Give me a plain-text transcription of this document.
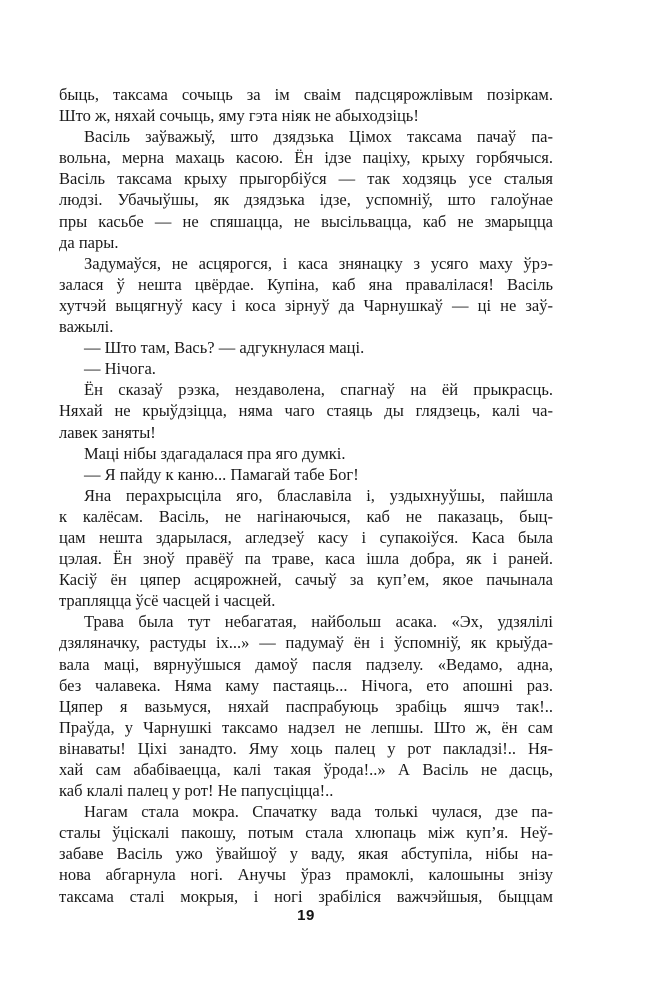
быць, таксама сочыць за ім сваім падсцярожлівым позіркам.
Што ж, няхай сочыць, яму гэта ніяк не абыходзіць!
Васіль заўважыў, што дзядзька Цімох таксама пачаў па-
вольна, мерна махаць касою. Ён ідзе паціху, крыху горбячыся.
Васіль таксама крыху прыгорбіўся — так ходзяць усе сталыя
людзі. Убачыўшы, як дзядзька ідзе, успомніў, што галоўнае
пры касьбе — не спяшацца, не высільвацца, каб не змарыцца
да пары.
Задумаўся, не асцярогся, і каса знянацку з усяго маху ўрэ-
залася ў нешта цвёрдае. Купіна, каб яна правалілася! Васіль
хутчэй выцягнуў касу і коса зірнуў да Чарнушкаў — ці не заў-
важылі.
— Што там, Вась? — адгукнулася маці.
— Нічога.
Ён сказаў рэзка, нездаволена, спагнаў на ёй прыкрасць.
Няхай не крыўдзіцца, няма чаго стаяць ды глядзець, калі ча-
лавек заняты!
Маці нібы здагадалася пра яго думкі.
— Я пайду к каню... Памагай табе Бог!
Яна перахрысціла яго, блаславіла і, уздыхнуўшы, пайшла
к калёсам. Васіль, не нагінаючыся, каб не паказаць, быц-
цам нешта здарылася, агледзеў касу і супакоіўся. Каса была
цэлая. Ён зноў правёў па траве, каса ішла добра, як і раней.
Касіў ён цяпер асцярожней, сачыў за куп’ем, якое пачынала
трапляцца ўсё часцей і часцей.
Трава была тут небагатая, найбольш асака. «Эх, удзялілі
дзяляначку, растуды іх...» — падумаў ён і ўспомніў, як крыўда-
вала маці, вярнуўшыся дамоў пасля падзелу. «Ведамо, адна,
без чалавека. Няма каму пастаяць... Нічога, ето апошні раз.
Цяпер я вазьмуся, няхай паспрабуюць зрабіць яшчэ так!..
Праўда, у Чарнушкі таксамо надзел не лепшы. Што ж, ён сам
вінаваты! Ціхі занадто. Яму хоць палец у рот пакладзі!.. Ня-
хай сам абабіваецца, калі такая ўрода!..» А Васіль не дасць,
каб клалі палец у рот! Не папусціцца!..
Нагам стала мокра. Спачатку вада толькі чулася, дзе па-
сталы ўціскалі пакошу, потым стала хлюпаць між куп’я. Неў-
забаве Васіль ужо ўвайшоў у ваду, якая абступіла, нібы на-
нова абгарнула ногі. Анучы ўраз прамоклі, калошыны знізу
таксама сталі мокрыя, і ногі зрабіліся важчэйшыя, быццам
19
